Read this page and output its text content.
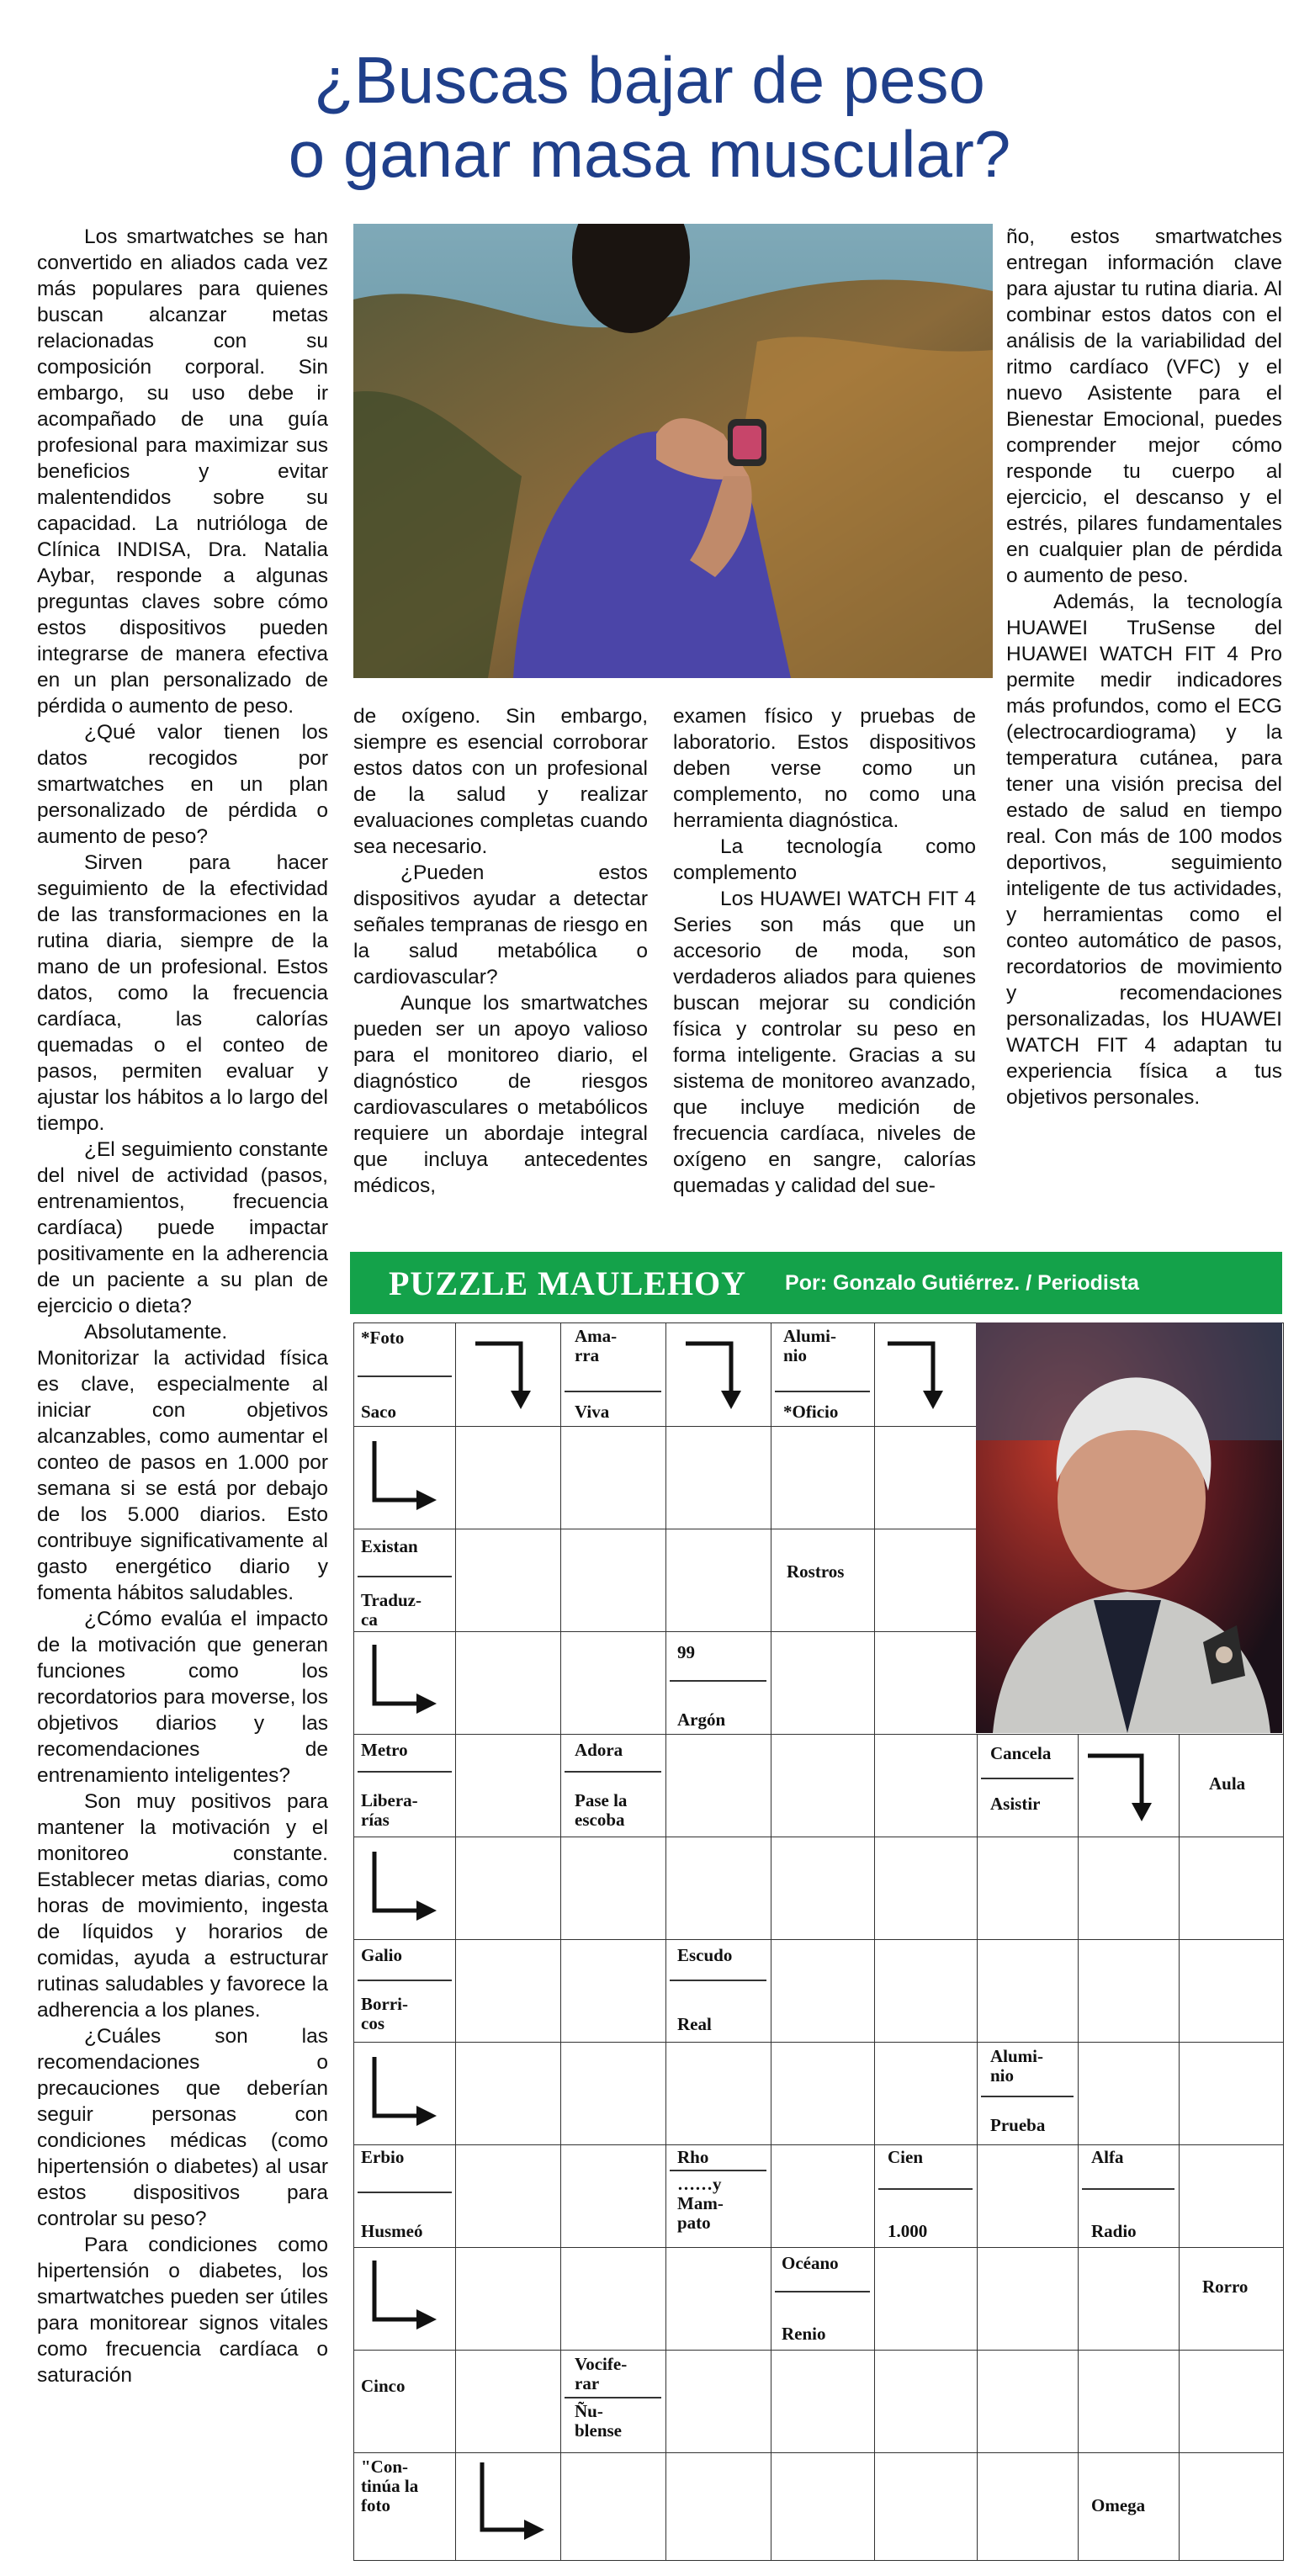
¿Buscas bajar de peso
o ganar masa muscular?

Los smartwatches se han convertido en aliados cada vez más populares para quienes buscan alcanzar metas relacionadas con su composición corporal. Sin embargo, su uso debe ir acompañado de una guía profesional para maximizar sus beneficios y evitar malentendidos sobre su capacidad. La nutrióloga de Clínica INDISA, Dra. Natalia Aybar, responde a algunas preguntas claves sobre cómo estos dispositivos pueden integrarse de manera efectiva en un plan personalizado de pérdida o aumento de peso.

¿Qué valor tienen los datos recogidos por smartwatches en un plan personalizado de pérdida o aumento de peso?

Sirven para hacer seguimiento de la efectividad de las transformaciones en la rutina diaria, siempre de la mano de un profesional. Estos datos, como la frecuencia cardíaca, las calorías quemadas o el conteo de pasos, permiten evaluar y ajustar los hábitos a lo largo del tiempo.

¿El seguimiento constante del nivel de actividad (pasos, entrenamientos, frecuencia cardíaca) puede impactar positivamente en la adherencia de un paciente a su plan de ejercicio o dieta?

Absolutamente. Monitorizar la actividad física es clave, especialmente al iniciar con objetivos alcanzables, como aumentar el conteo de pasos en 1.000 por semana si se está por debajo de los 5.000 diarios. Esto contribuye significativamente al gasto energético diario y fomenta hábitos saludables.

¿Cómo evalúa el impacto de la motivación que generan funciones como los recordatorios para moverse, los objetivos diarios y las recomendaciones de entrenamiento inteligentes?

Son muy positivos para mantener la motivación y el monitoreo constante. Establecer metas diarias, como horas de movimiento, ingesta de líquidos y horarios de comidas, ayuda a estructurar rutinas saludables y favorece la adherencia a los planes.

¿Cuáles son las recomendaciones o precauciones que deberían seguir personas con condiciones médicas (como hipertensión o diabetes) al usar estos dispositivos para controlar su peso?

Para condiciones como hipertensión o diabetes, los smartwatches pueden ser útiles para monitorear signos vitales como frecuencia cardíaca o saturación

de oxígeno. Sin embargo, siempre es esencial corroborar estos datos con un profesional de la salud y realizar evaluaciones completas cuando sea necesario.

¿Pueden estos dispositivos ayudar a detectar señales tempranas de riesgo en la salud metabólica o cardiovascular?

Aunque los smartwatches pueden ser un apoyo valioso para el monitoreo diario, el diagnóstico de riesgos cardiovasculares o metabólicos requiere un abordaje integral que incluya antecedentes médicos,

examen físico y pruebas de laboratorio. Estos dispositivos deben verse como un complemento, no como una herramienta diagnóstica.

La tecnología como complemento

Los HUAWEI WATCH FIT 4 Series son más que un accesorio de moda, son verdaderos aliados para quienes buscan mejorar su condición física y controlar su peso en forma inteligente. Gracias a su sistema de monitoreo avanzado, que incluye medición de frecuencia cardíaca, niveles de oxígeno en sangre, calorías quemadas y calidad del sue-

ño, estos smartwatches entregan información clave para ajustar tu rutina diaria. Al combinar estos datos con el análisis de la variabilidad del ritmo cardíaco (VFC) y el nuevo Asistente para el Bienestar Emocional, puedes comprender mejor cómo responde tu cuerpo al ejercicio, el descanso y el estrés, pilares fundamentales en cualquier plan de pérdida o aumento de peso.

Además, la tecnología HUAWEI TruSense del HUAWEI WATCH FIT 4 Pro permite medir indicadores más profundos, como el ECG (electrocardiograma) y la temperatura cutánea, para tener una visión precisa del estado de salud en tiempo real. Con más de 100 modos deportivos, seguimiento inteligente de tus actividades, y herramientas como el conteo automático de pasos, recordatorios de movimiento y recomendaciones personalizadas, los HUAWEI WATCH FIT 4 adaptan tu experiencia física a tus objetivos personales.

PUZZLE MAULEHOY Por: Gonzalo Gutiérrez. / Periodista
*Foto
Saco
Ama-
rra
Viva
Alumi-
nio
*Oficio
Existan
Traduz-
ca
Rostros
99
Argón
Metro
Libera-
rías
Adora
Pase la
escoba
Cancela
Asistir
Aula
Galio
Borri-
cos
Escudo
Real
Alumi-
nio
Prueba
Erbio
Husmeó
Rho
……y
Mam-
pato
Cien
1.000
Alfa
Radio
Océano
Renio
Rorro
Cinco
Vocife-
rar
Ñu-
blense
"Con-
tinúa la
foto	Omega
